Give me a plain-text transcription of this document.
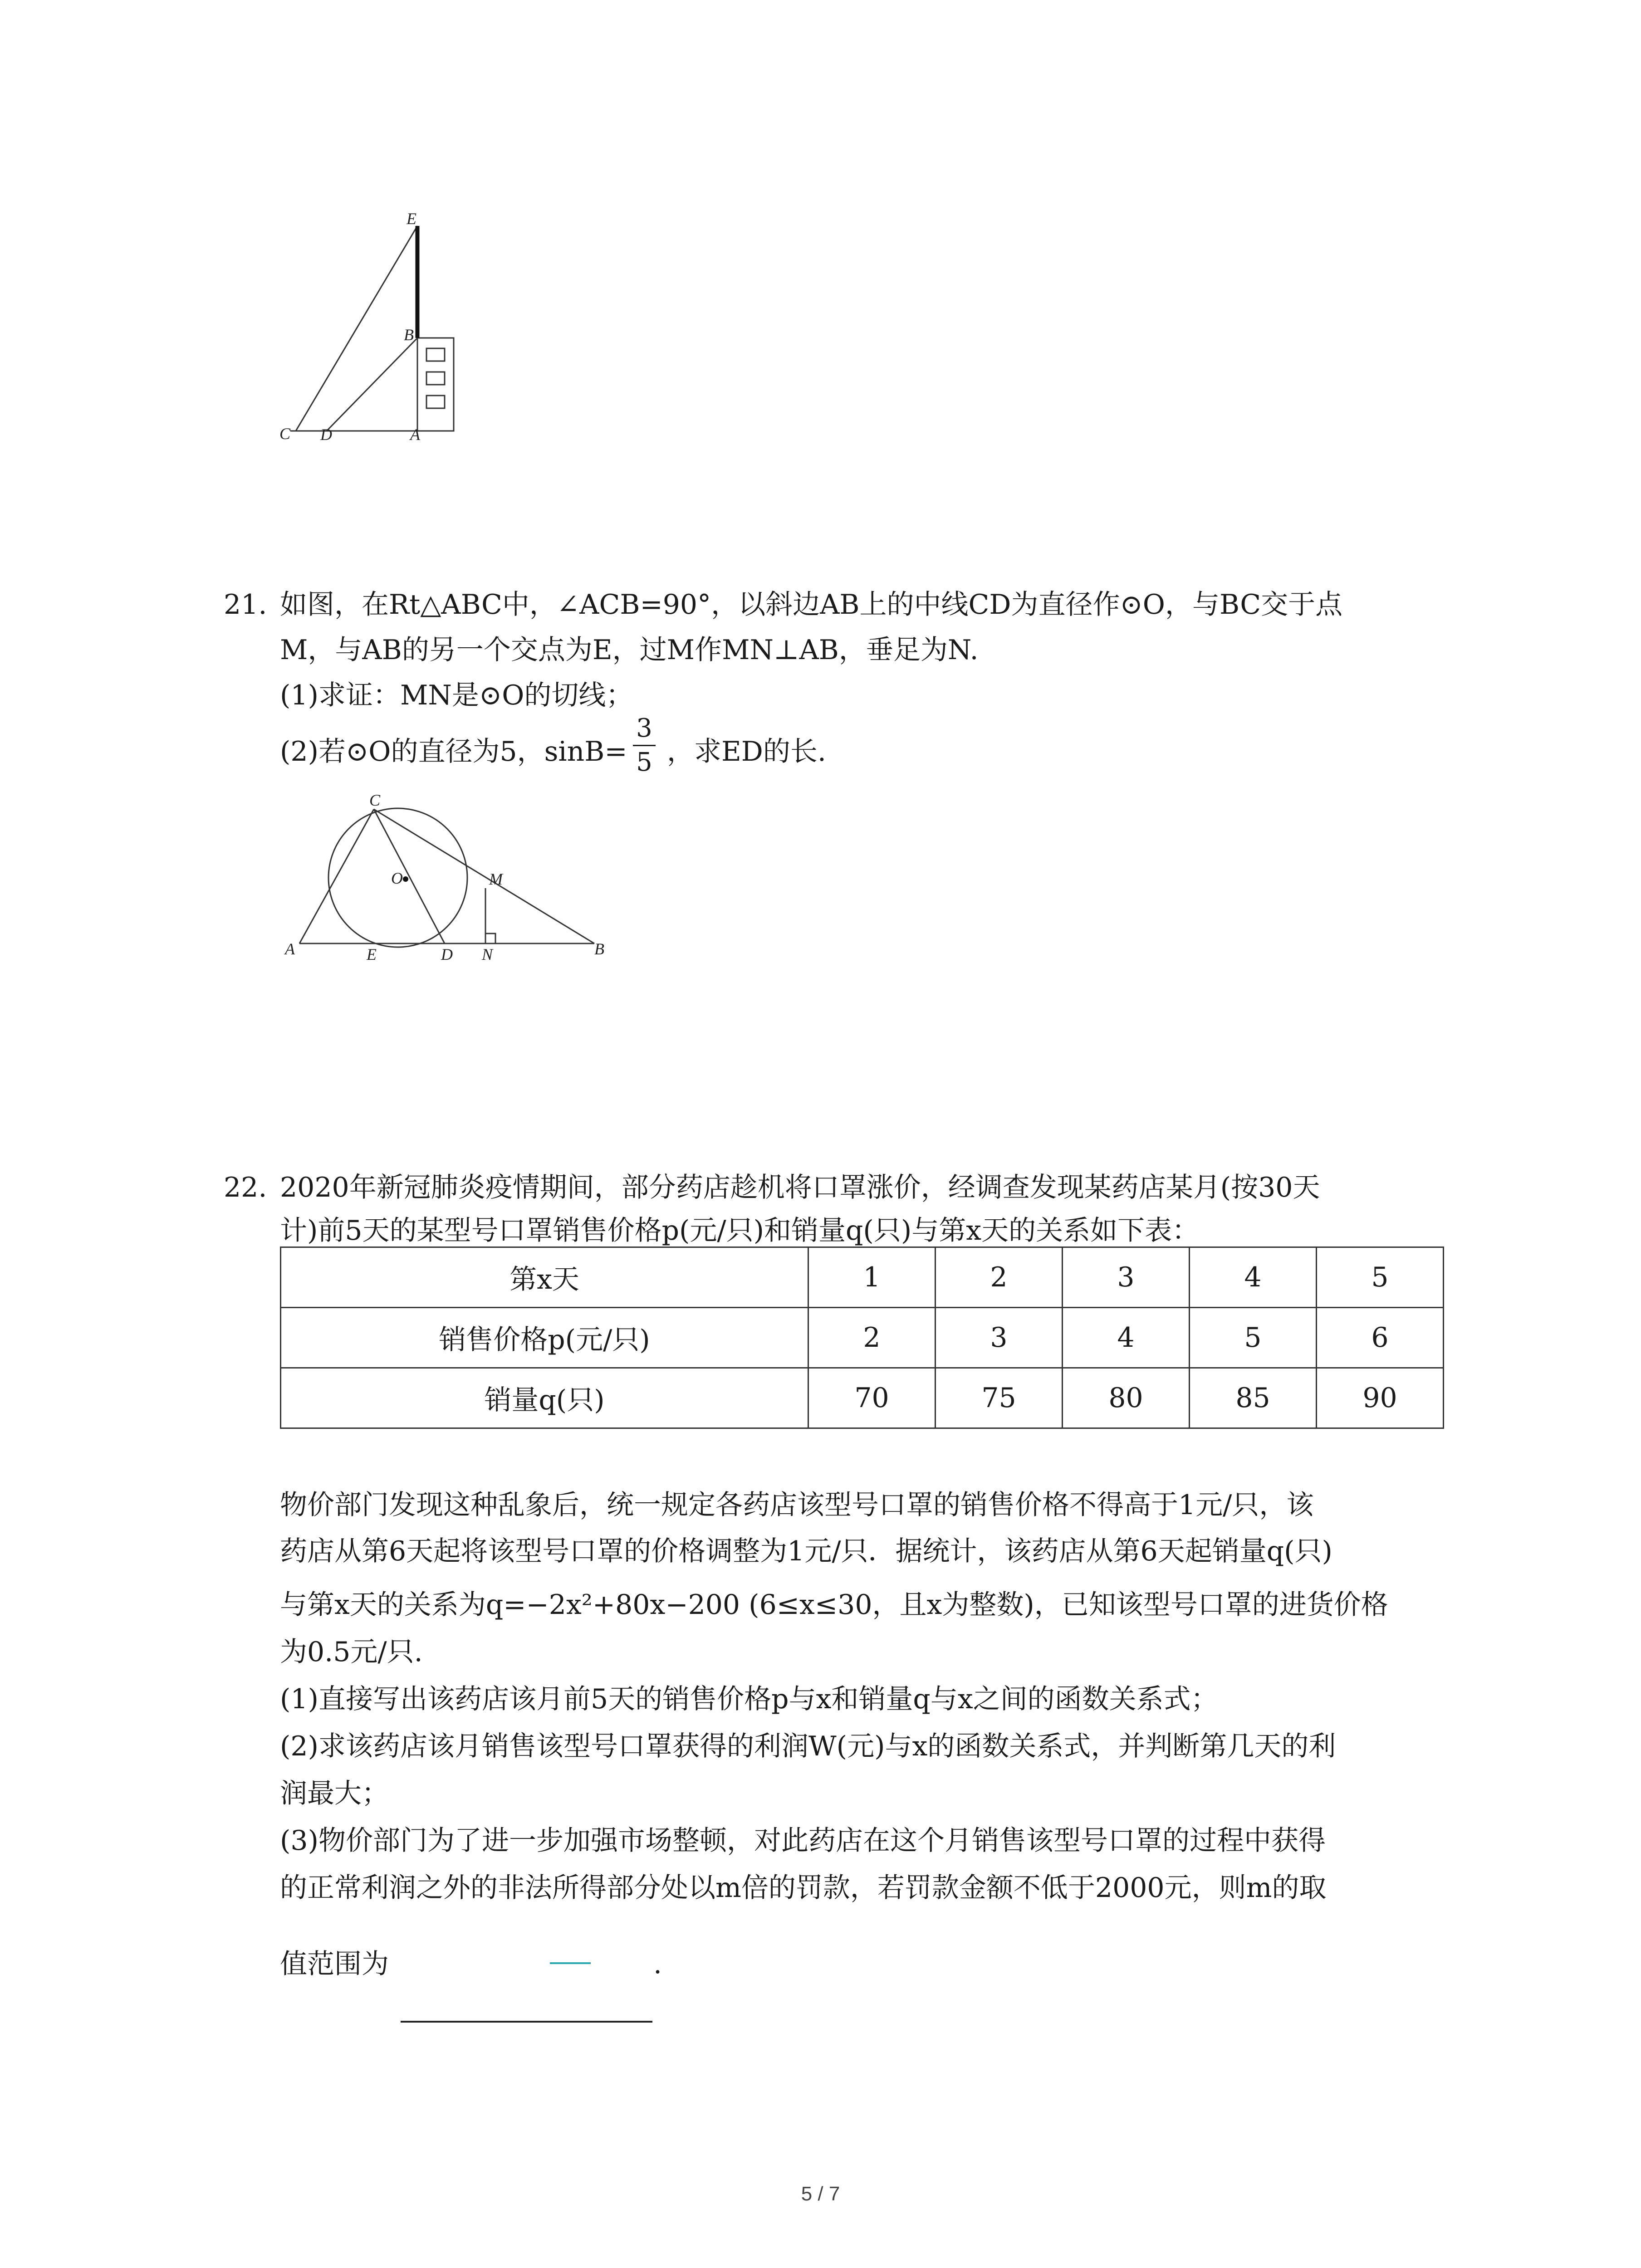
E
B
C D	A
21. 如图，在Rt△ABC中，∠ACB=90°，以斜边AB上的中线CD为直径作⊙O，与BC交于点
M，与AB的另一个交点为E，过M作MN⊥AB，垂足为N.
(1)求证：MN是⊙O的切线；
(2)若⊙O的直径为5，sinB=
3
5 ，求ED的长.
C
O	M
A	E	D N	B
22. 2020年新冠肺炎疫情期间，部分药店趁机将口罩涨价，经调查发现某药店某月(按30天
计)前5天的某型号口罩销售价格p(元/只)和销量q(只)与第x天的关系如下表：
第x天	1	2	3	4	5
销售价格p(元/只)	2	3	4	5	6
销量q(只)	70	75	80	85	90
物价部门发现这种乱象后，统一规定各药店该型号口罩的销售价格不得高于1元/只，该
药店从第6天起将该型号口罩的价格调整为1元/只．据统计，该药店从第6天起销量q(只)
与第x天的关系为q=−2x²+80x−200 (6≤x≤30，且x为整数)，已知该型号口罩的进货价格
为0.5元/只.
(1)直接写出该药店该月前5天的销售价格p与x和销量q与x之间的函数关系式；
(2)求该药店该月销售该型号口罩获得的利润W(元)与x的函数关系式，并判断第几天的利
润最大；
(3)物价部门为了进一步加强市场整顿，对此药店在这个月销售该型号口罩的过程中获得
的正常利润之外的非法所得部分处以m倍的罚款，若罚款金额不低于2000元，则m的取
值范围为	.
5 / 7
